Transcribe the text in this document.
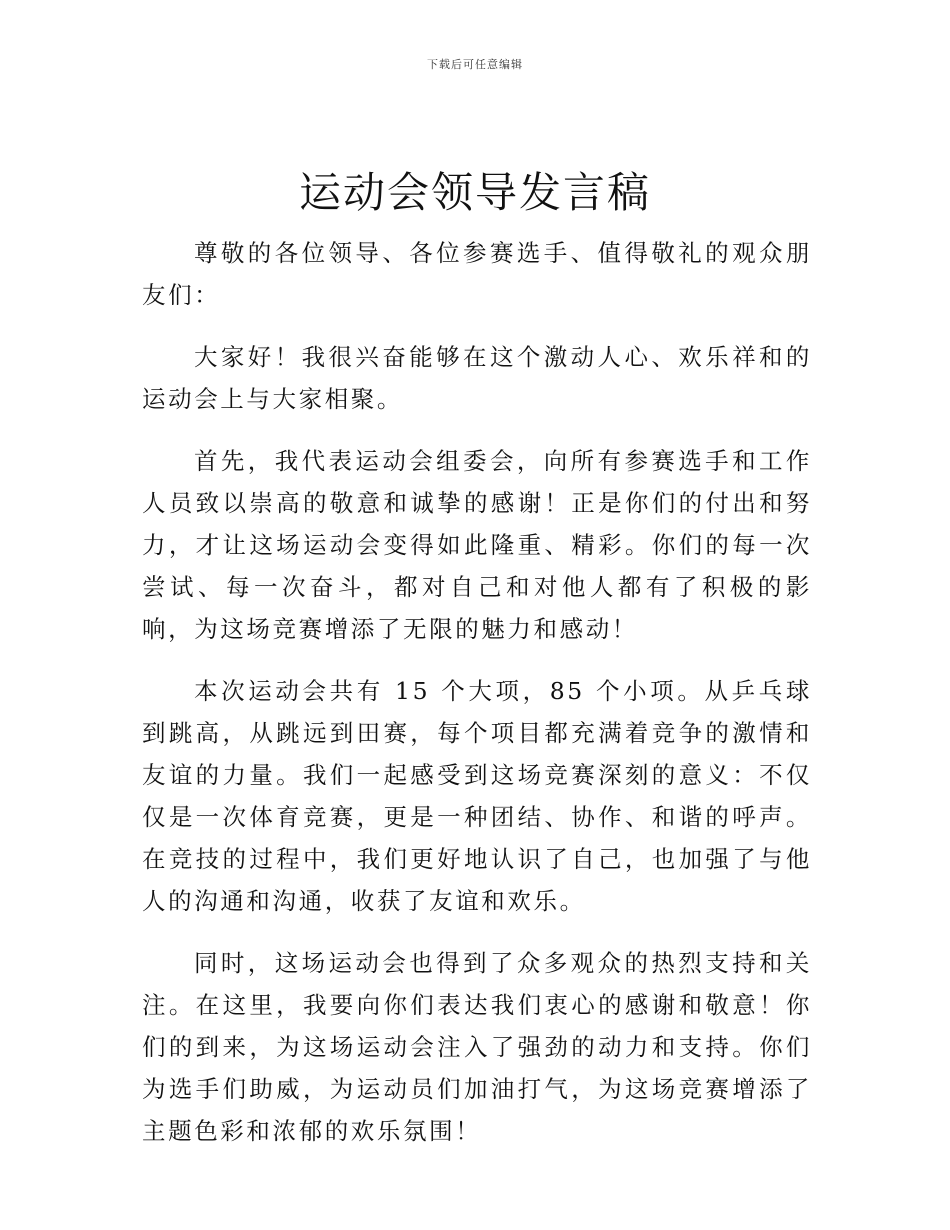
下载后可任意编辑
运动会领导发言稿

尊敬的各位领导、各位参赛选手、值得敬礼的观众朋友们：

大家好！我很兴奋能够在这个激动人心、欢乐祥和的运动会上与大家相聚。

首先，我代表运动会组委会，向所有参赛选手和工作人员致以崇高的敬意和诚挚的感谢！正是你们的付出和努力，才让这场运动会变得如此隆重、精彩。你们的每一次尝试、每一次奋斗，都对自己和对他人都有了积极的影响，为这场竞赛增添了无限的魅力和感动！

本次运动会共有 15 个大项，85 个小项。从乒乓球到跳高，从跳远到田赛，每个项目都充满着竞争的激情和友谊的力量。我们一起感受到这场竞赛深刻的意义：不仅仅是一次体育竞赛，更是一种团结、协作、和谐的呼声。在竞技的过程中，我们更好地认识了自己，也加强了与他人的沟通和沟通，收获了友谊和欢乐。

同时，这场运动会也得到了众多观众的热烈支持和关注。在这里，我要向你们表达我们衷心的感谢和敬意！你们的到来，为这场运动会注入了强劲的动力和支持。你们为选手们助威，为运动员们加油打气，为这场竞赛增添了主题色彩和浓郁的欢乐氛围！
